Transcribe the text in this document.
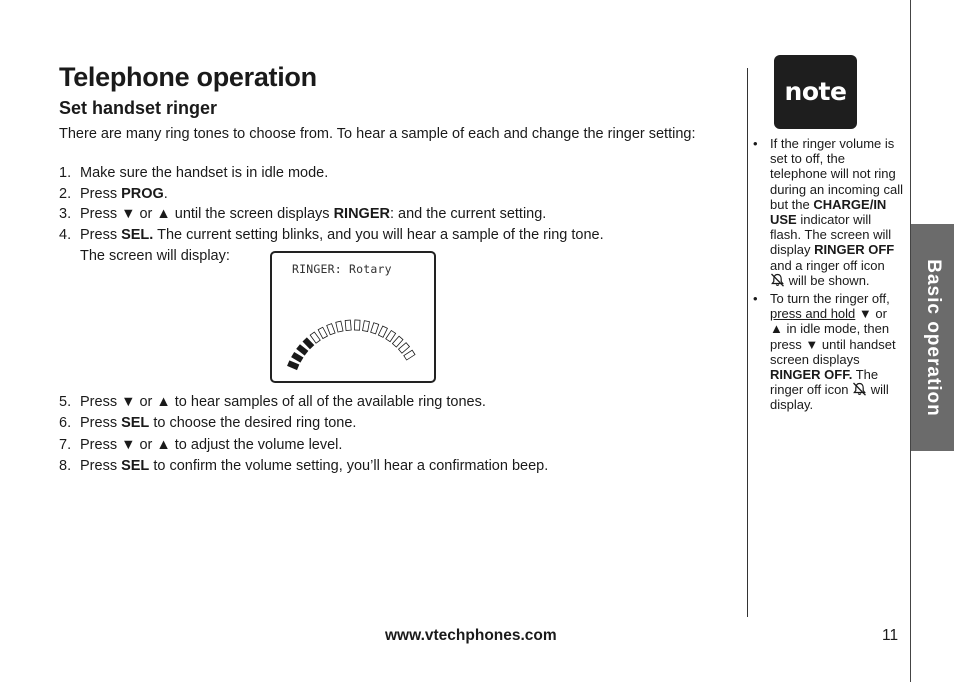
Telephone operation
Set handset ringer
There are many ring tones to choose from. To hear a sample of each and change the ringer setting:
1. Make sure the handset is in idle mode.
2. Press PROG.
3. Press ▼ or ▲ until the screen displays RINGER: and the current setting.
4. Press SEL. The current setting blinks, and you will hear a sample of the ring tone.
The screen will display:
RINGER: Rotary
5. Press ▼ or ▲ to hear samples of all of the available ring tones.
6. Press SEL to choose the desired ring tone.
7. Press ▼ or ▲ to adjust the volume level.
8. Press SEL to confirm the volume setting, you’ll hear a confirmation beep.
note
• If the ringer volume is set to off, the telephone will not ring during an incoming call but the CHARGE/IN USE indicator will flash. The screen will display RINGER OFF and a ringer off icon  will be shown.
• To turn the ringer off, press and hold ▼ or ▲ in idle mode, then press ▼ until handset screen displays RINGER OFF. The ringer off icon  will display.	Basic operation
www.vtechphones.com	11
